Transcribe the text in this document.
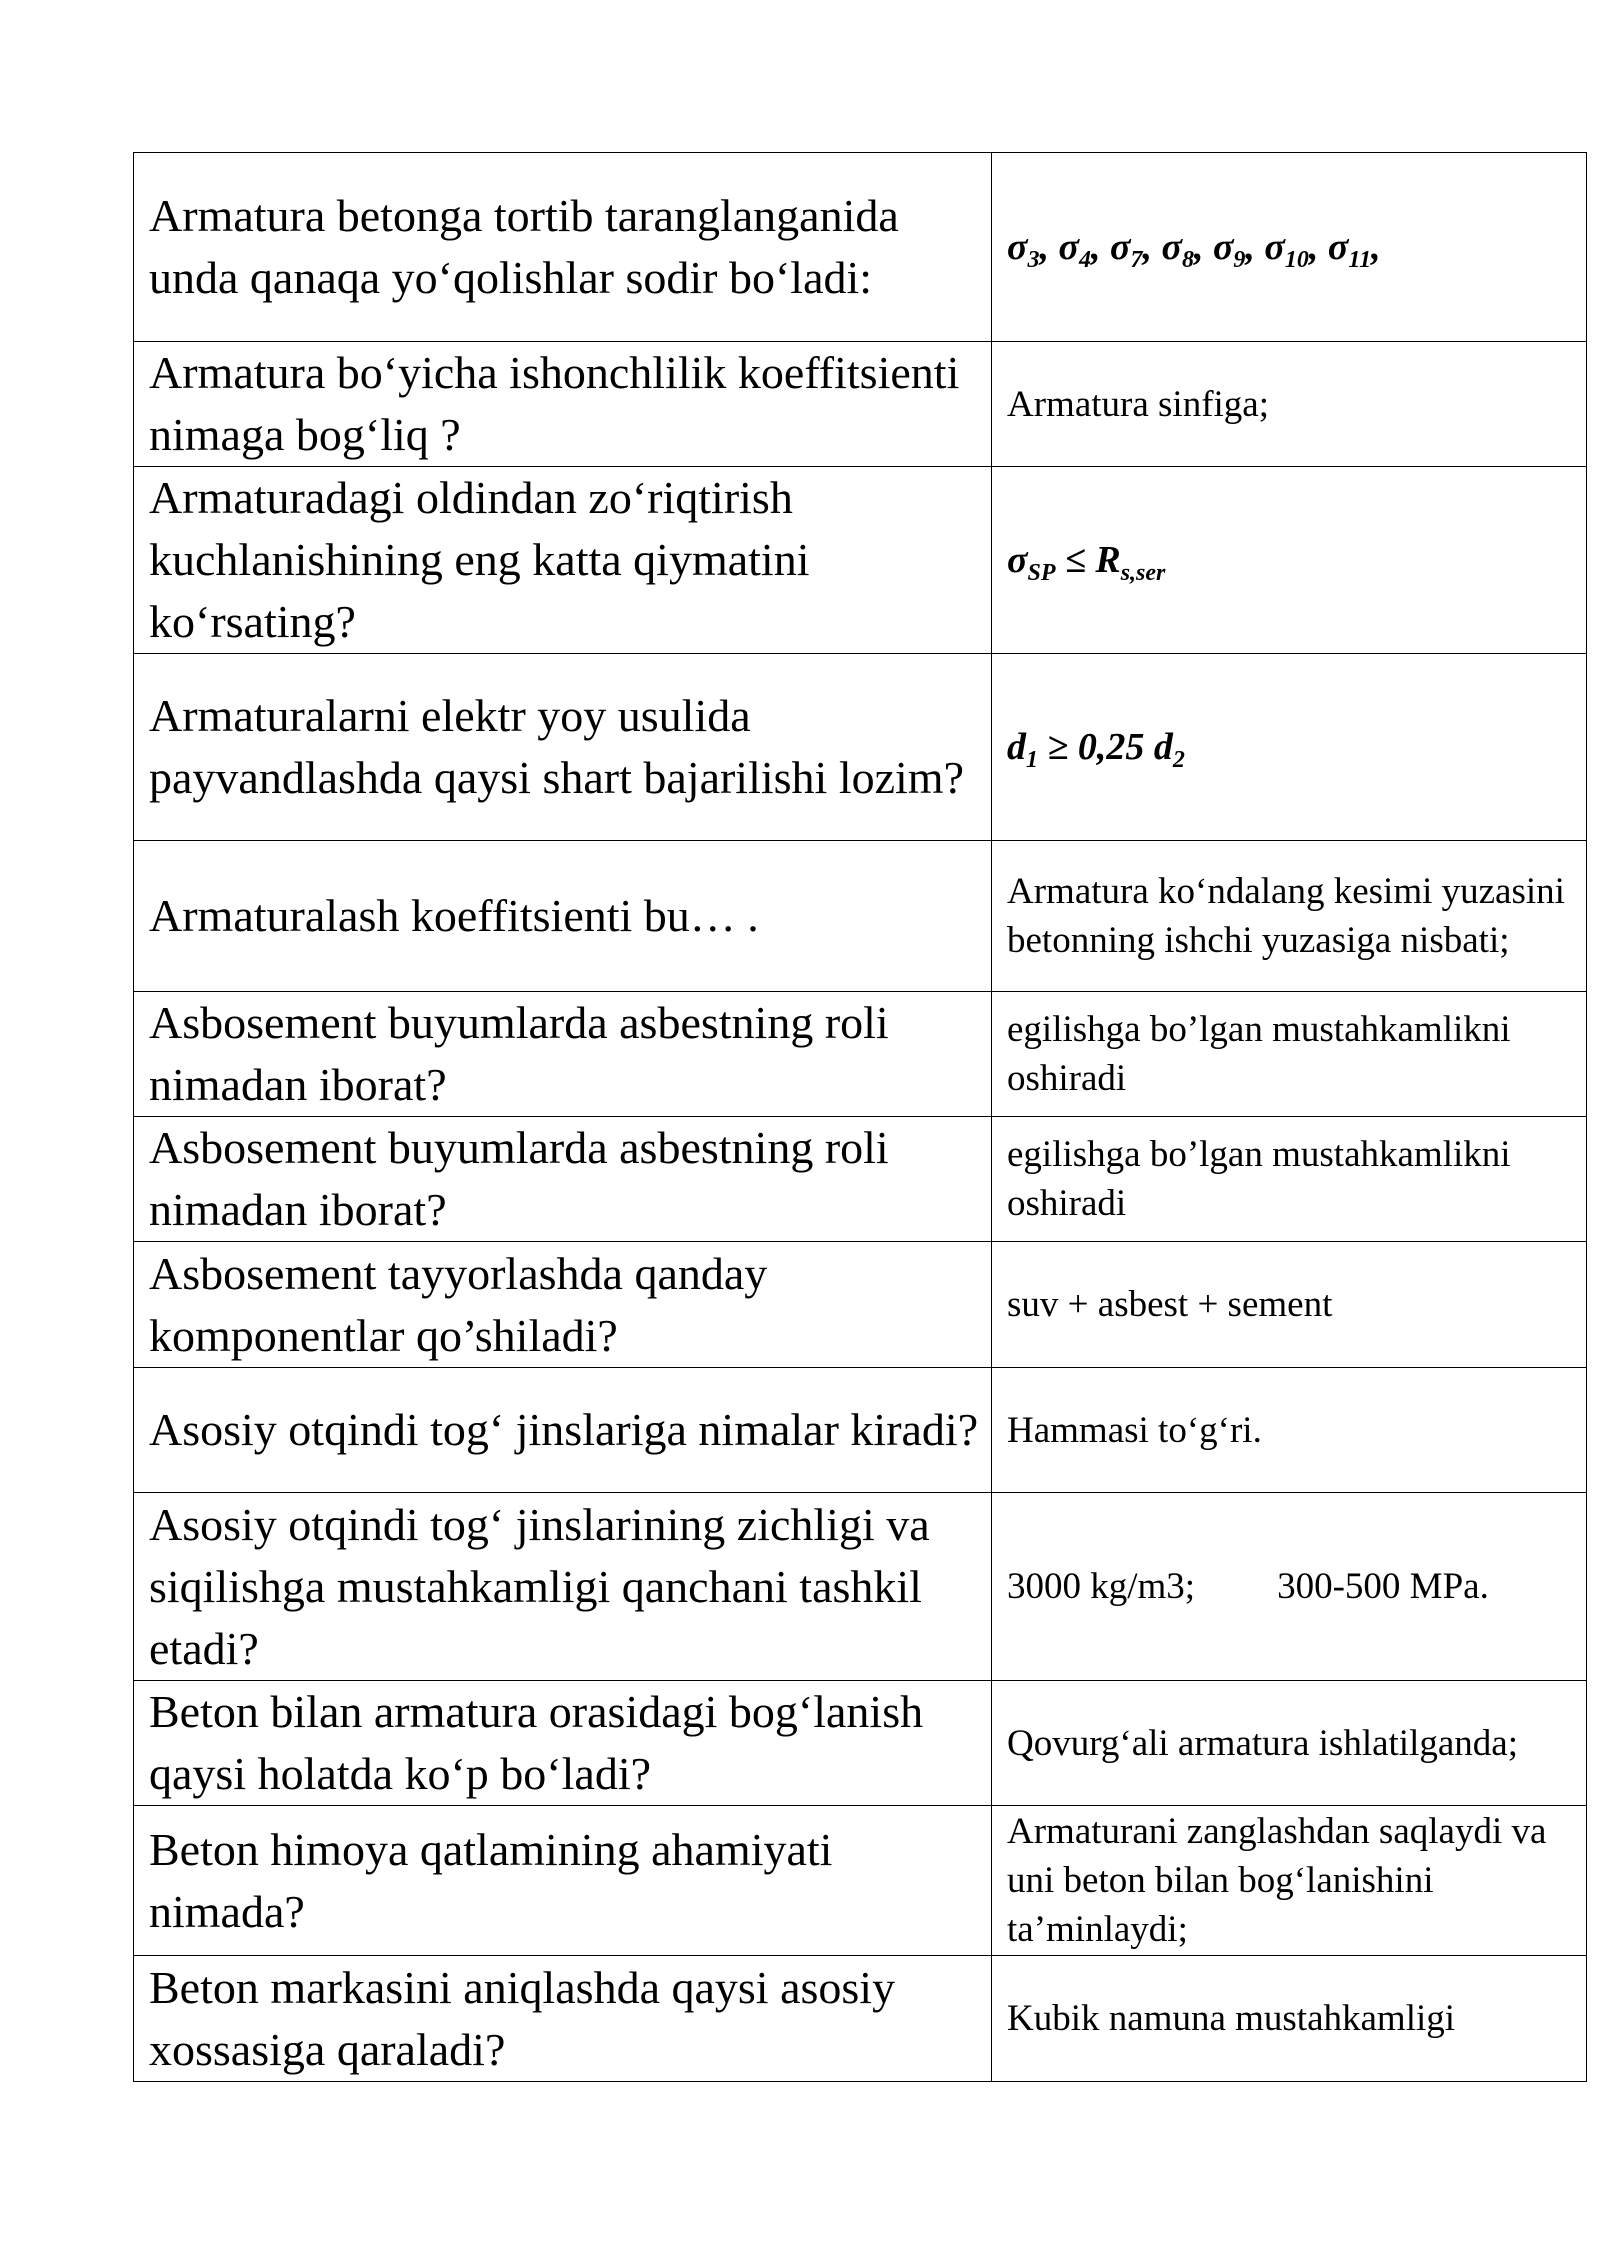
Armatura betonga tortib taranglanganida unda qanaqa yo‘qolishlar sodir bo‘ladi:	$\sigma_3$, $\sigma_4$, $\sigma_7$, $\sigma_8$, $\sigma_9$, $\sigma_{10}$, $\sigma_{11}$,
Armatura bo‘yicha ishonchlilik koeffitsienti nimaga bog‘liq ?	Armatura sinfiga;
Armaturadagi oldindan zo‘riqtirish kuchlanishining eng katta qiymatini ko‘rsating?	$\sigma_{SP} \le R_{s,ser}$
Armaturalarni elektr yoy usulida payvandlashda qaysi shart bajarilishi lozim?	$d_1 \ge 0,25$ $d_2$
Armaturalash koeffitsienti bu… .	Armatura ko‘ndalang kesimi yuzasini betonning ishchi yuzasiga nisbati;
Asbosement buyumlarda asbestning roli nimadan iborat?	egilishga bo’lgan mustahkamlikni oshiradi
Asbosement buyumlarda asbestning roli nimadan iborat?	egilishga bo’lgan mustahkamlikni oshiradi
Asbosement tayyorlashda qanday komponentlar qo’shiladi?	suv + asbest + sement
Asosiy otqindi tog‘ jinslariga nimalar kiradi?	Hammasi to‘g‘ri.
Asosiy otqindi tog‘ jinslarining zichligi va siqilishga mustahkamligi qanchani tashkil etadi?	3000 kg/m3; 300-500 MPa.
Beton bilan armatura orasidagi bog‘lanish qaysi holatda ko‘p bo‘ladi?	Qovurg‘ali armatura ishlatilganda;
Beton himoya qatlamining ahamiyati nimada?	Armaturani zanglashdan saqlaydi va uni beton bilan bog‘lanishini ta’minlaydi;
Beton markasini aniqlashda qaysi asosiy xossasiga qaraladi?	Kubik namuna mustahkamligi
